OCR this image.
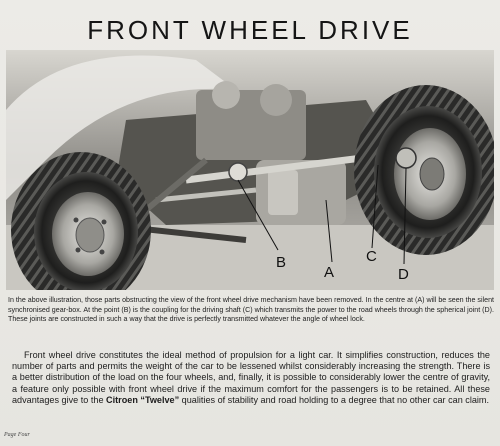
FRONT WHEEL DRIVE
B
A
C
D
In the above illustration, those parts obstructing the view of the front wheel drive mechanism have been removed. In the centre at (A) will be seen the silent synchronised gear-box. At the point (B) is the coupling for the driving shaft (C) which transmits the power to the road wheels through the spherical joint (D). These joints are constructed in such a way that the drive is perfectly transmitted whatever the angle of wheel lock.
Front wheel drive constitutes the ideal method of propulsion for a light car. It simplifies construction, reduces the number of parts and permits the weight of the car to be lessened whilst considerably increasing the strength. There is a better distribution of the load on the four wheels, and, finally, it is possible to considerably lower the centre of gravity, a feature only possible with front wheel drive if the maximum comfort for the passengers is to be retained. All these advantages give to the Citroen “Twelve” qualities of stability and road holding to a degree that no other car can claim.
Page Four
